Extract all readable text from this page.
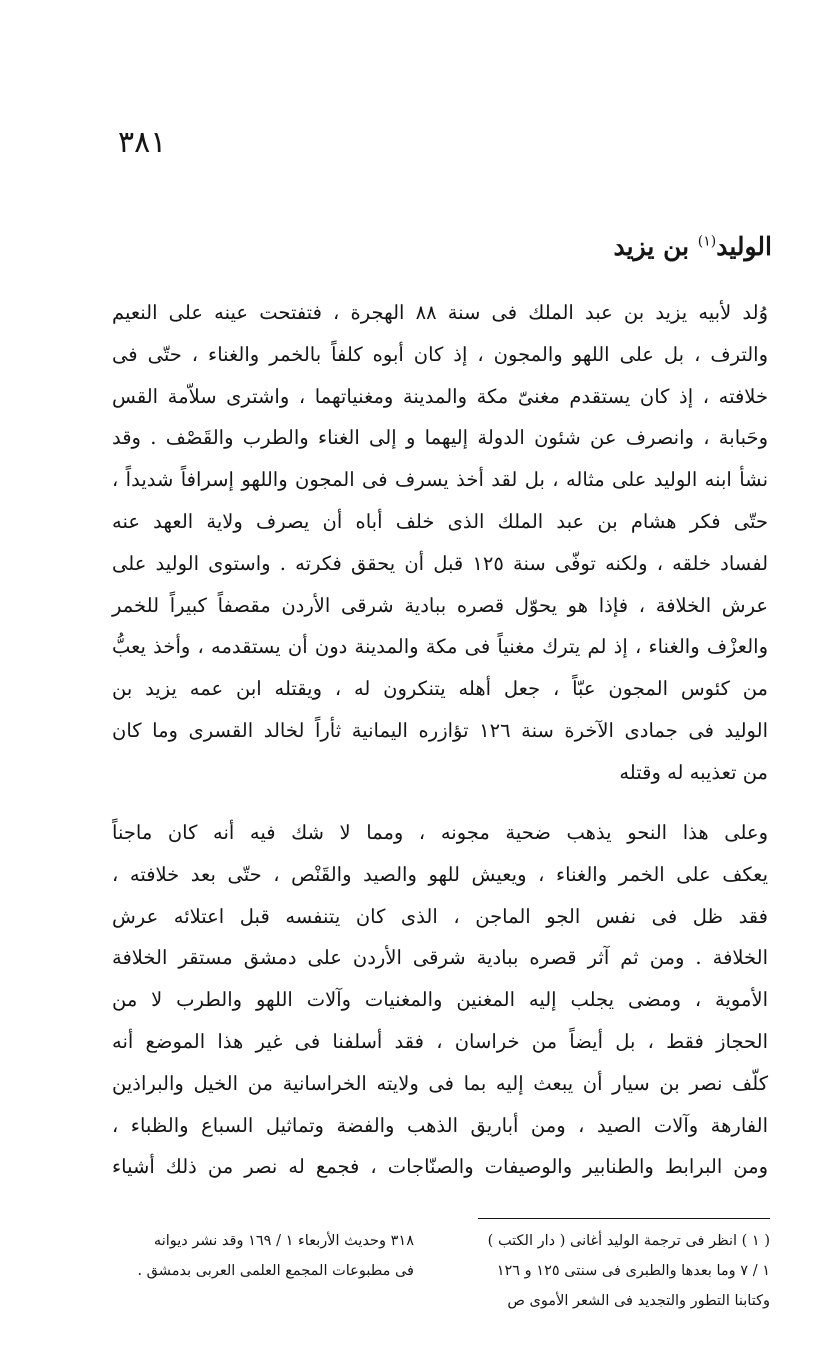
٣٨١
الوليد$^{(١)}$ بن يزيد
وُلد لأبيه يزيد بن عبد الملك فى سنة ٨٨ الهجرة ، فتفتحت عينه على النعيم
والترف ، بل على اللهو والمجون ، إذ كان أبوه كلفاً بالخمر والغناء ، حتّى فى
خلافته ، إذ كان يستقدم مغنىّ مكة والمدينة ومغنياتهما ، واشترى سلاّمة القس
وحَبابة ، وانصرف عن شئون الدولة إليهما و إلى الغناء والطرب والقَصْف . وقد
نشأ ابنه الوليد على مثاله ، بل لقد أخذ يسرف فى المجون واللهو إسرافاً شديداً ،
حتّى فكر هشام بن عبد الملك الذى خلف أباه أن يصرف ولاية العهد عنه
لفساد خلقه ، ولكنه توفّى سنة ١٢٥ قبل أن يحقق فكرته . واستوى الوليد على
عرش الخلافة ، فإذا هو يحوّل قصره ببادية شرقى الأردن مقصفاً كبيراً للخمر
والعزْف والغناء ، إذ لم يترك مغنياً فى مكة والمدينة دون أن يستقدمه ، وأخذ يعبُّ
من كئوس المجون عبّاً ، جعل أهله يتنكرون له ، ويقتله ابن عمه يزيد بن
الوليد فى جمادى الآخرة سنة ١٢٦ تؤازره اليمانية ثأراً لخالد القسرى وما كان
من تعذيبه له وقتله
وعلى هذا النحو يذهب ضحية مجونه ، ومما لا شك فيه أنه كان ماجناً
يعكف على الخمر والغناء ، ويعيش للهو والصيد والقَنْص ، حتّى بعد خلافته ،
فقد ظل فى نفس الجو الماجن ، الذى كان يتنفسه قبل اعتلائه عرش
الخلافة . ومن ثم آثر قصره ببادية شرقى الأردن على دمشق مستقر الخلافة
الأموية ، ومضى يجلب إليه المغنين والمغنيات وآلات اللهو والطرب لا من
الحجاز فقط ، بل أيضاً من خراسان ، فقد أسلفنا فى غير هذا الموضع أنه
كلّف نصر بن سيار أن يبعث إليه بما فى ولايته الخراسانية من الخيل والبراذين
الفارهة وآلات الصيد ، ومن أباريق الذهب والفضة وتماثيل السباع والظباء ،
ومن البرابط والطنابير والوصيفات والصنّاجات ، فجمع له نصر من ذلك أشياء
( ١ ) انظر فى ترجمة الوليد أغانى ( دار الكتب )
١ / ٧ وما بعدها والطبرى فى سنتى ١٢٥ و ١٢٦
وكتابنا التطور والتجديد فى الشعر الأموى ص
٣١٨ وحديث الأربعاء ١ / ١٦٩ وقد نشر ديوانه
فى مطبوعات المجمع العلمى العربى بدمشق .
